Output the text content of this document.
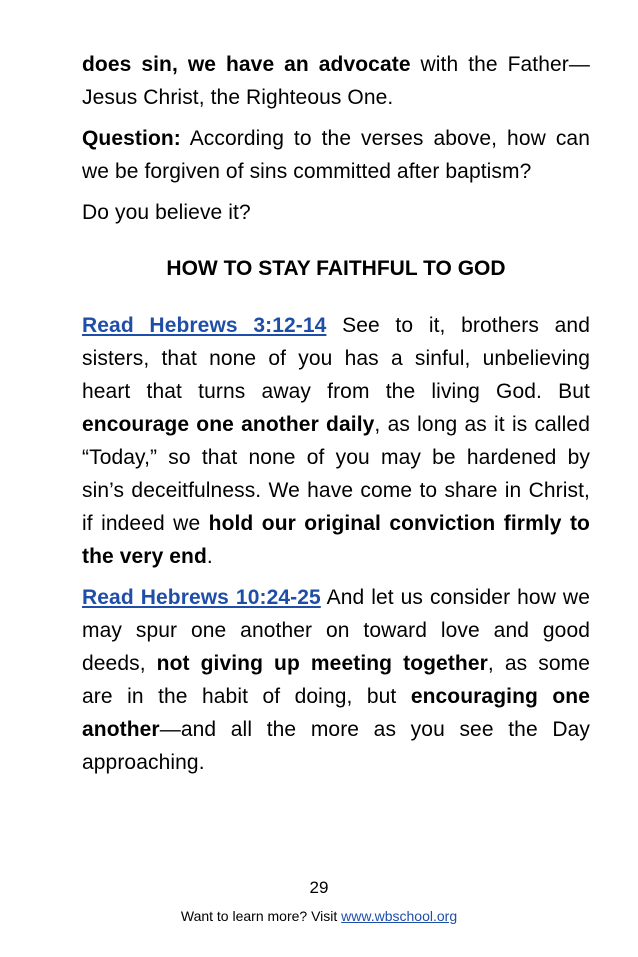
does sin, we have an advocate with the Father—Jesus Christ, the Righteous One.

Question: According to the verses above, how can we be forgiven of sins committed after baptism?

Do you believe it?

HOW TO STAY FAITHFUL TO GOD

Read Hebrews 3:12-14 See to it, brothers and sisters, that none of you has a sinful, unbelieving heart that turns away from the living God. But encourage one another daily, as long as it is called “Today,” so that none of you may be hardened by sin’s deceitfulness. We have come to share in Christ, if indeed we hold our original conviction firmly to the very end.

Read Hebrews 10:24-25 And let us consider how we may spur one another on toward love and good deeds, not giving up meeting together, as some are in the habit of doing, but encouraging one another—and all the more as you see the Day approaching.

29
Want to learn more? Visit www.wbschool.org
